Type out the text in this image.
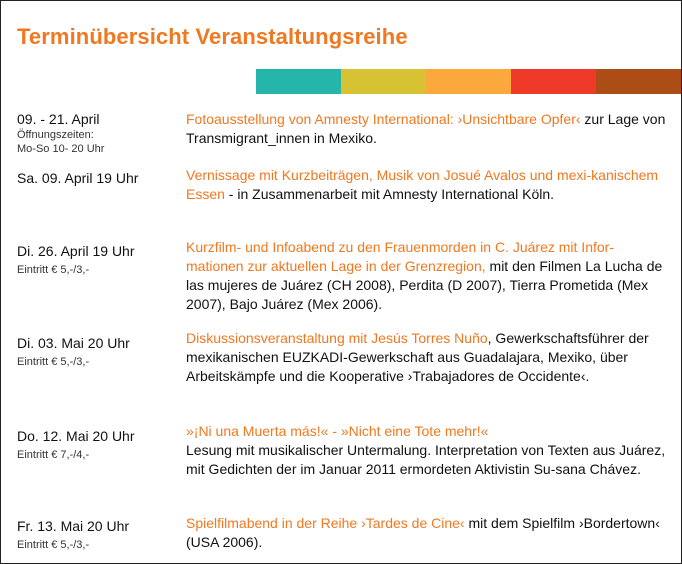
Terminübersicht Veranstaltungsreihe
09. - 21. April
Öffnungszeiten:
Mo-So 10- 20 Uhr

Fotoausstellung von Amnesty International: ›Unsichtbare Opfer‹ zur Lage von Transmigrant_innen in Mexiko.

Sa. 09. April 19 Uhr	Vernissage mit Kurzbeiträgen, Musik von Josué Avalos und mexi-kanischem Essen - in Zusammenarbeit mit Amnesty International Köln.

Di. 26. April 19 Uhr
Eintritt € 5,-/3,-

Kurzfilm- und Infoabend zu den Frauenmorden in C. Juárez mit Infor-mationen zur aktuellen Lage in der Grenzregion, mit den Filmen La Lucha de las mujeres de Juárez (CH 2008), Perdita (D 2007), Tierra Prometida (Mex 2007), Bajo Juárez (Mex 2006).

Di. 03. Mai 20 Uhr
Eintritt € 5,-/3,-

Diskussionsveranstaltung mit Jesús Torres Nuño, Gewerkschaftsführer der mexikanischen EUZKADI-Gewerkschaft aus Guadalajara, Mexiko, über Arbeitskämpfe und die Kooperative ›Trabajadores de Occidente‹.

Do. 12. Mai 20 Uhr
Eintritt € 7,-/4,-

»¡Ni una Muerta más!« - »Nicht eine Tote mehr!«
Lesung mit musikalischer Untermalung. Interpretation von Texten aus Juárez, mit Gedichten der im Januar 2011 ermordeten Aktivistin Su-sana Chávez.

Fr. 13. Mai 20 Uhr
Eintritt € 5,-/3,-

Spielfilmabend in der Reihe ›Tardes de Cine‹ mit dem Spielfilm ›Bordertown‹ (USA 2006).
